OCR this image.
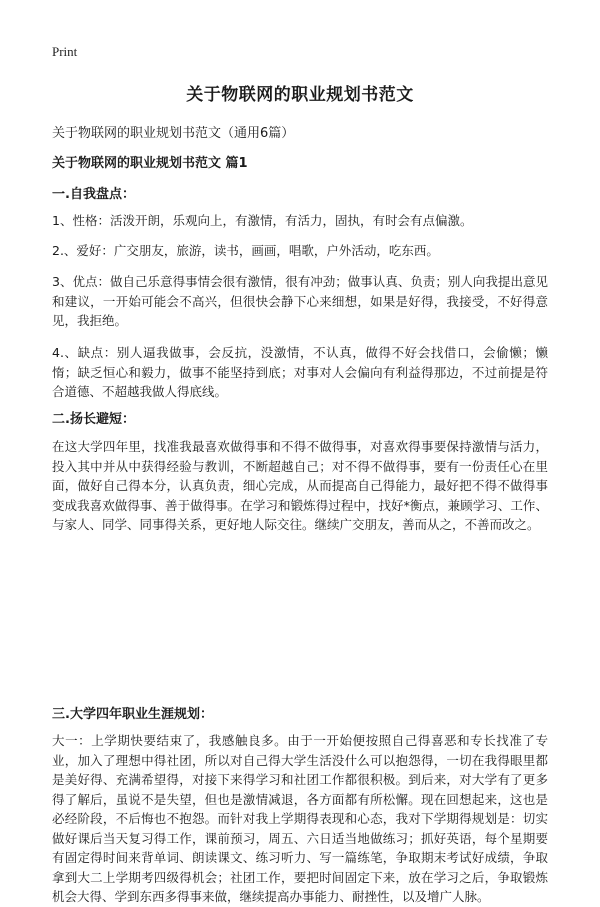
Print
关于物联网的职业规划书范文
关于物联网的职业规划书范文（通用6篇）
关于物联网的职业规划书范文 篇1
一.自我盘点：

1、性格：活泼开朗，乐观向上，有激情，有活力，固执，有时会有点偏激。

2.、爱好：广交朋友，旅游，读书，画画，唱歌，户外活动，吃东西。

3、优点：做自己乐意得事情会很有激情，很有冲劲；做事认真、负责；别人向我提出意见和建议，一开始可能会不高兴，但很快会静下心来细想，如果是好得，我接受，不好得意见，我拒绝。

4.、缺点：别人逼我做事，会反抗，没激情，不认真，做得不好会找借口，会偷懒；懒惰；缺乏恒心和毅力，做事不能坚持到底；对事对人会偏向有利益得那边，不过前提是符合道德、不超越我做人得底线。

二.扬长避短：

在这大学四年里，找准我最喜欢做得事和不得不做得事，对喜欢得事要保持激情与活力，投入其中并从中获得经验与教训，不断超越自己；对不得不做得事，要有一份责任心在里面，做好自己得本分，认真负责，细心完成，从而提高自己得能力，最好把不得不做得事变成我喜欢做得事、善于做得事。在学习和锻炼得过程中，找好*衡点，兼顾学习、工作、与家人、同学、同事得关系，更好地人际交往。继续广交朋友，善而从之，不善而改之。

三.大学四年职业生涯规划：

大一：上学期快要结束了，我感触良多。由于一开始便按照自己得喜恶和专长找准了专业，加入了理想中得社团，所以对自己得大学生活没什么可以抱怨得，一切在我得眼里都是美好得、充满希望得，对接下来得学习和社团工作都很积极。到后来，对大学有了更多得了解后，虽说不是失望，但也是激情减退，各方面都有所松懈。现在回想起来，这也是必经阶段，不后悔也不抱怨。而针对我上学期得表现和心态，我对下学期得规划是：切实做好课后当天复习得工作，课前预习，周五、六日适当地做练习；抓好英语，每个星期要有固定得时间来背单词、朗读课文、练习听力、写一篇练笔，争取期末考试好成绩，争取拿到大二上学期考四级得机会；社团工作，要把时间固定下来，放在学习之后，争取锻炼机会大得、学到东西多得事来做，继续提高办事能力、耐挫性，以及增广人脉。
